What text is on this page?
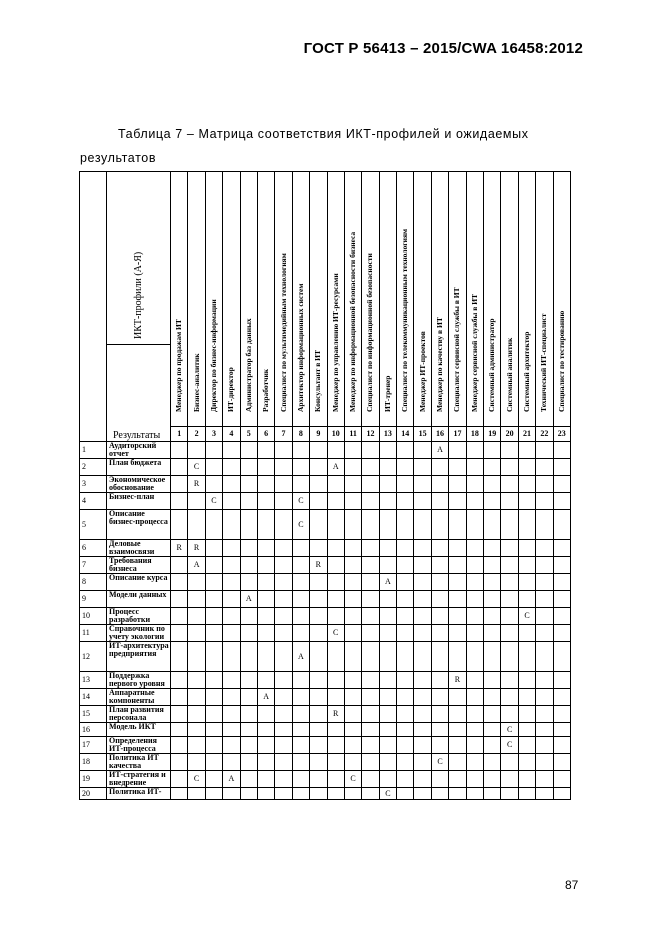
ГОСТ Р 56413 – 2015/CWA 16458:2012
Таблица 7 – Матрица соответствия ИКТ-профилей и ожидаемых
результатов

	ИКТ-профили (А-Я)
Результаты	Менеджер по продажам ИТ	Бизнес-аналитик	Директор по бизнес-информации	ИТ-директор	Администратор баз данных	Разработчик	Специалист по мультимедийным технологиям	Архитектор информационных систем	Консультант в ИТ	Менеджер по управлению ИТ-ресурсами	Менеджер по информационной безопасности бизнеса	Специалист по информационной безопасности	ИТ-тренер	Специалист по телекоммуникационным технологиям	Менеджер ИТ-проектов	Менеджер по качеству в ИТ	Специалист сервисной службы в ИТ	Менеджер сервисной службы в ИТ	Системный администратор	Системный аналитик	Системный архитектор	Технический ИТ-специалист	Специалист по тестированию

		1	2	3	4	5	6	7	8	9	10	11	12	13	14	15	16	17	18	19	20	21	22	23
1	Аудиторский отчет																A							
2	План бюджета		C								A													
3	Экономическое обоснование		R																					
4	Бизнес-план			C					C															
5	Описание бизнес-процесса								C															
6	Деловые взаимосвязи	R	R																					
7	Требования бизнеса		A							R														
8	Описание курса													A										
9	Модели данных					A																		
10	Процесс разработки																					C		
11	Справочник по учету экологии										C													
12	ИТ-архитектура предприятия								A															
13	Поддержка первого уровня																	R						
14	Аппаратные компоненты						A																	
15	План развития персонала										R													
16	Модель ИКТ																				C			
17	Определения ИТ-процесса																				C			
18	Политика ИТ качества																C							
19	ИТ-стратегия и внедрение		C		A							C												
20	Политика ИТ-													C										
87
